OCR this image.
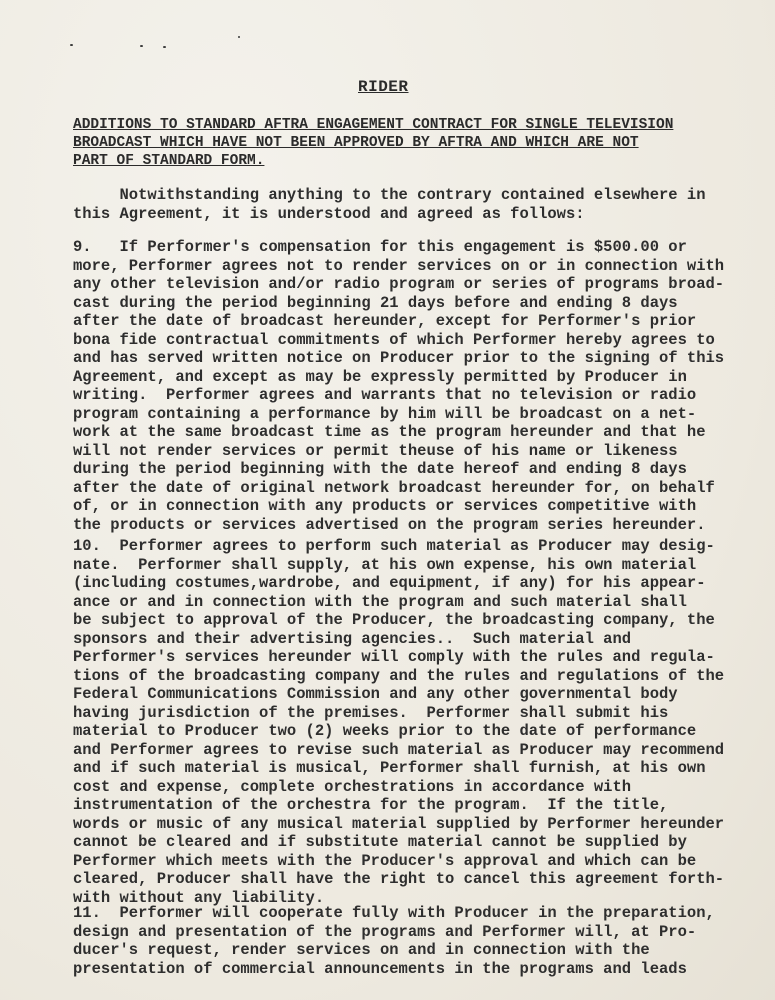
RIDER
ADDITIONS TO STANDARD AFTRA ENGAGEMENT CONTRACT FOR SINGLE TELEVISION
BROADCAST WHICH HAVE NOT BEEN APPROVED BY AFTRA AND WHICH ARE NOT
PART OF STANDARD FORM.
Notwithstanding anything to the contrary contained elsewhere in
this Agreement, it is understood and agreed as follows:
9.   If Performer's compensation for this engagement is $500.00 or
more, Performer agrees not to render services on or in connection with
any other television and/or radio program or series of programs broad-
cast during the period beginning 21 days before and ending 8 days
after the date of broadcast hereunder, except for Performer's prior
bona fide contractual commitments of which Performer hereby agrees to
and has served written notice on Producer prior to the signing of this
Agreement, and except as may be expressly permitted by Producer in
writing.  Performer agrees and warrants that no television or radio
program containing a performance by him will be broadcast on a net-
work at the same broadcast time as the program hereunder and that he
will not render services or permit theuse of his name or likeness
during the period beginning with the date hereof and ending 8 days
after the date of original network broadcast hereunder for, on behalf
of, or in connection with any products or services competitive with
the products or services advertised on the program series hereunder.
10.  Performer agrees to perform such material as Producer may desig-
nate.  Performer shall supply, at his own expense, his own material
(including costumes,wardrobe, and equipment, if any) for his appear-
ance or and in connection with the program and such material shall
be subject to approval of the Producer, the broadcasting company, the
sponsors and their advertising agencies..  Such material and
Performer's services hereunder will comply with the rules and regula-
tions of the broadcasting company and the rules and regulations of the
Federal Communications Commission and any other governmental body
having jurisdiction of the premises.  Performer shall submit his
material to Producer two (2) weeks prior to the date of performance
and Performer agrees to revise such material as Producer may recommend
and if such material is musical, Performer shall furnish, at his own
cost and expense, complete orchestrations in accordance with
instrumentation of the orchestra for the program.  If the title,
words or music of any musical material supplied by Performer hereunder
cannot be cleared and if substitute material cannot be supplied by
Performer which meets with the Producer's approval and which can be
cleared, Producer shall have the right to cancel this agreement forth-
with without any liability.
11.  Performer will cooperate fully with Producer in the preparation,
design and presentation of the programs and Performer will, at Pro-
ducer's request, render services on and in connection with the
presentation of commercial announcements in the programs and leads
